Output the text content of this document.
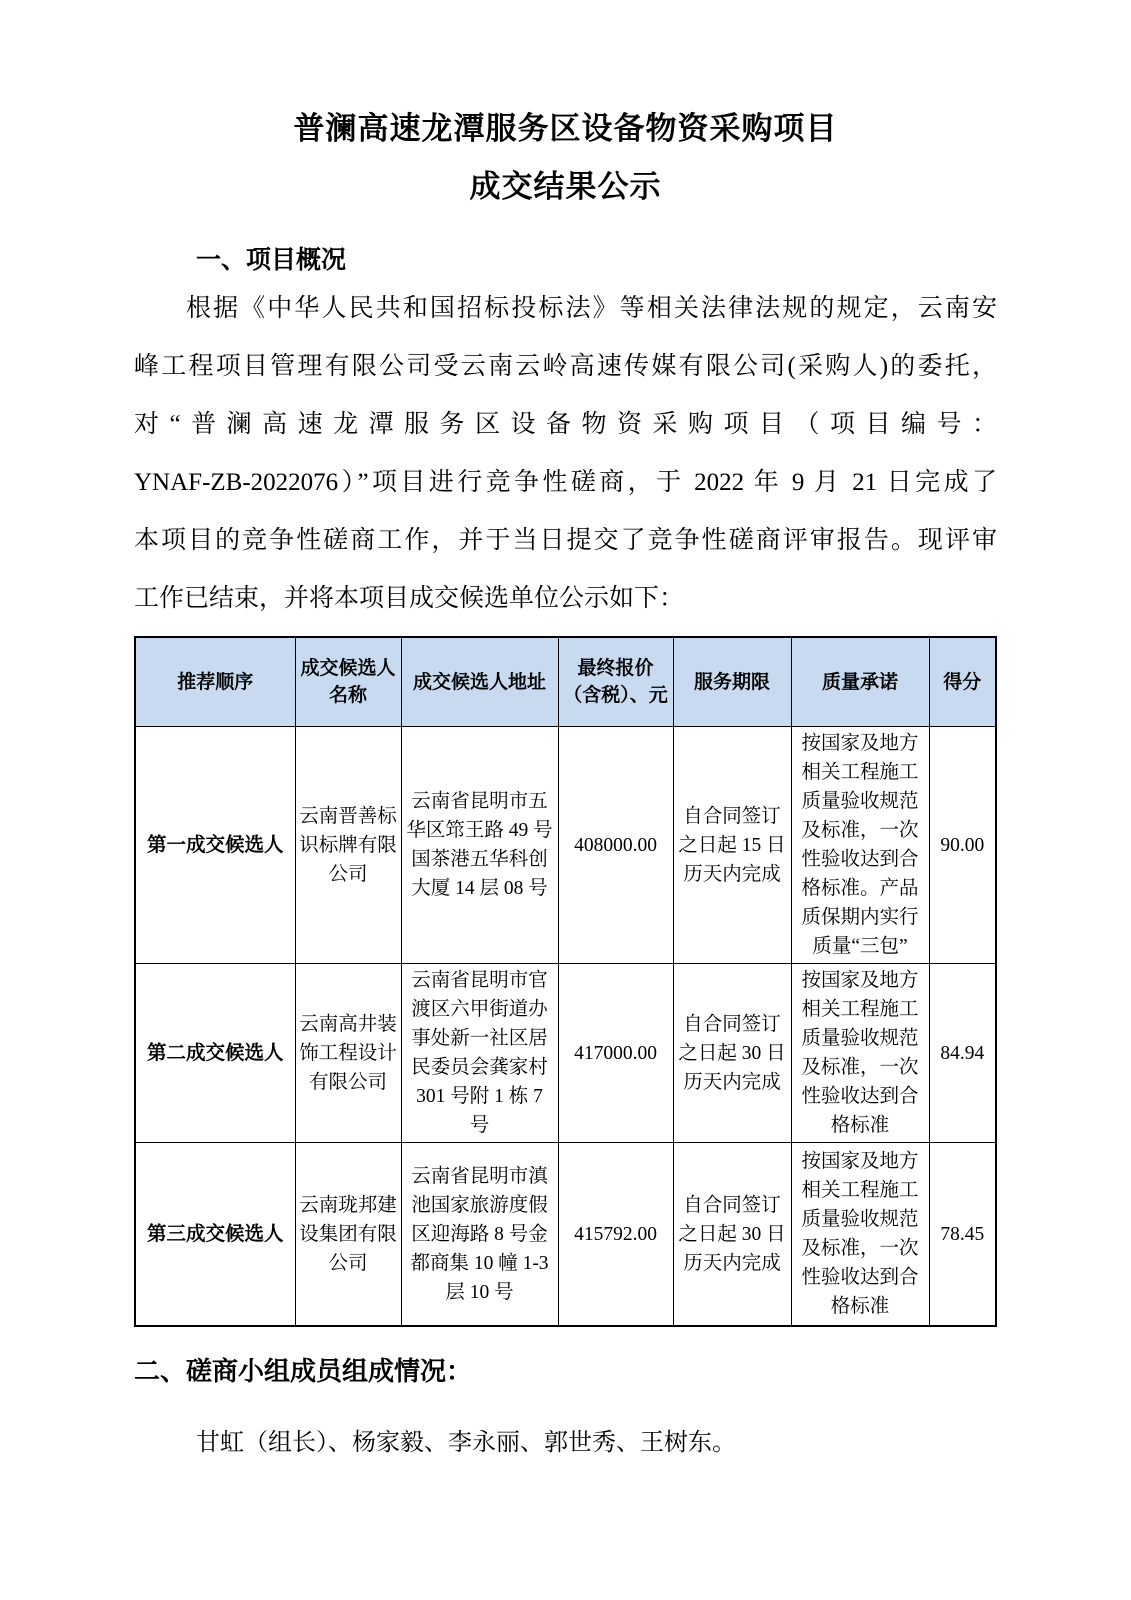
普澜高速龙潭服务区设备物资采购项目
成交结果公示
一、项目概况
根据《中华人民共和国招标投标法》等相关法律法规的规定，云南安
峰工程项目管理有限公司受云南云岭高速传媒有限公司(采购人)的委托，
对“普澜高速龙潭服务区设备物资采购项目（项目编号：
YNAF-ZB-2022076）”项目进行竞争性磋商，于 2022 年 9 月 21 日完成了
本项目的竞争性磋商工作，并于当日提交了竞争性磋商评审报告。现评审
工作已结束，并将本项目成交候选单位公示如下：
推荐顺序	成交候选人名称	成交候选人地址	最终报价（含税）、元	服务期限	质量承诺	得分
第一成交候选人	云南晋善标识标牌有限公司	云南省昆明市五华区筇王路 49 号国茶港五华科创大厦 14 层 08 号	408000.00	自合同签订之日起 15 日历天内完成	按国家及地方相关工程施工质量验收规范及标准，一次性验收达到合格标准。产品质保期内实行质量“三包”	90.00
第二成交候选人	云南高井装饰工程设计有限公司	云南省昆明市官渡区六甲街道办事处新一社区居民委员会龚家村 301 号附 1 栋 7 号	417000.00	自合同签订之日起 30 日历天内完成	按国家及地方相关工程施工质量验收规范及标准，一次性验收达到合格标准	84.94
第三成交候选人	云南珑邦建设集团有限公司	云南省昆明市滇池国家旅游度假区迎海路 8 号金都商集 10 幢 1-3 层 10 号	415792.00	自合同签订之日起 30 日历天内完成	按国家及地方相关工程施工质量验收规范及标准，一次性验收达到合格标准	78.45
二、磋商小组成员组成情况：
甘虹（组长）、杨家毅、李永丽、郭世秀、王树东。
